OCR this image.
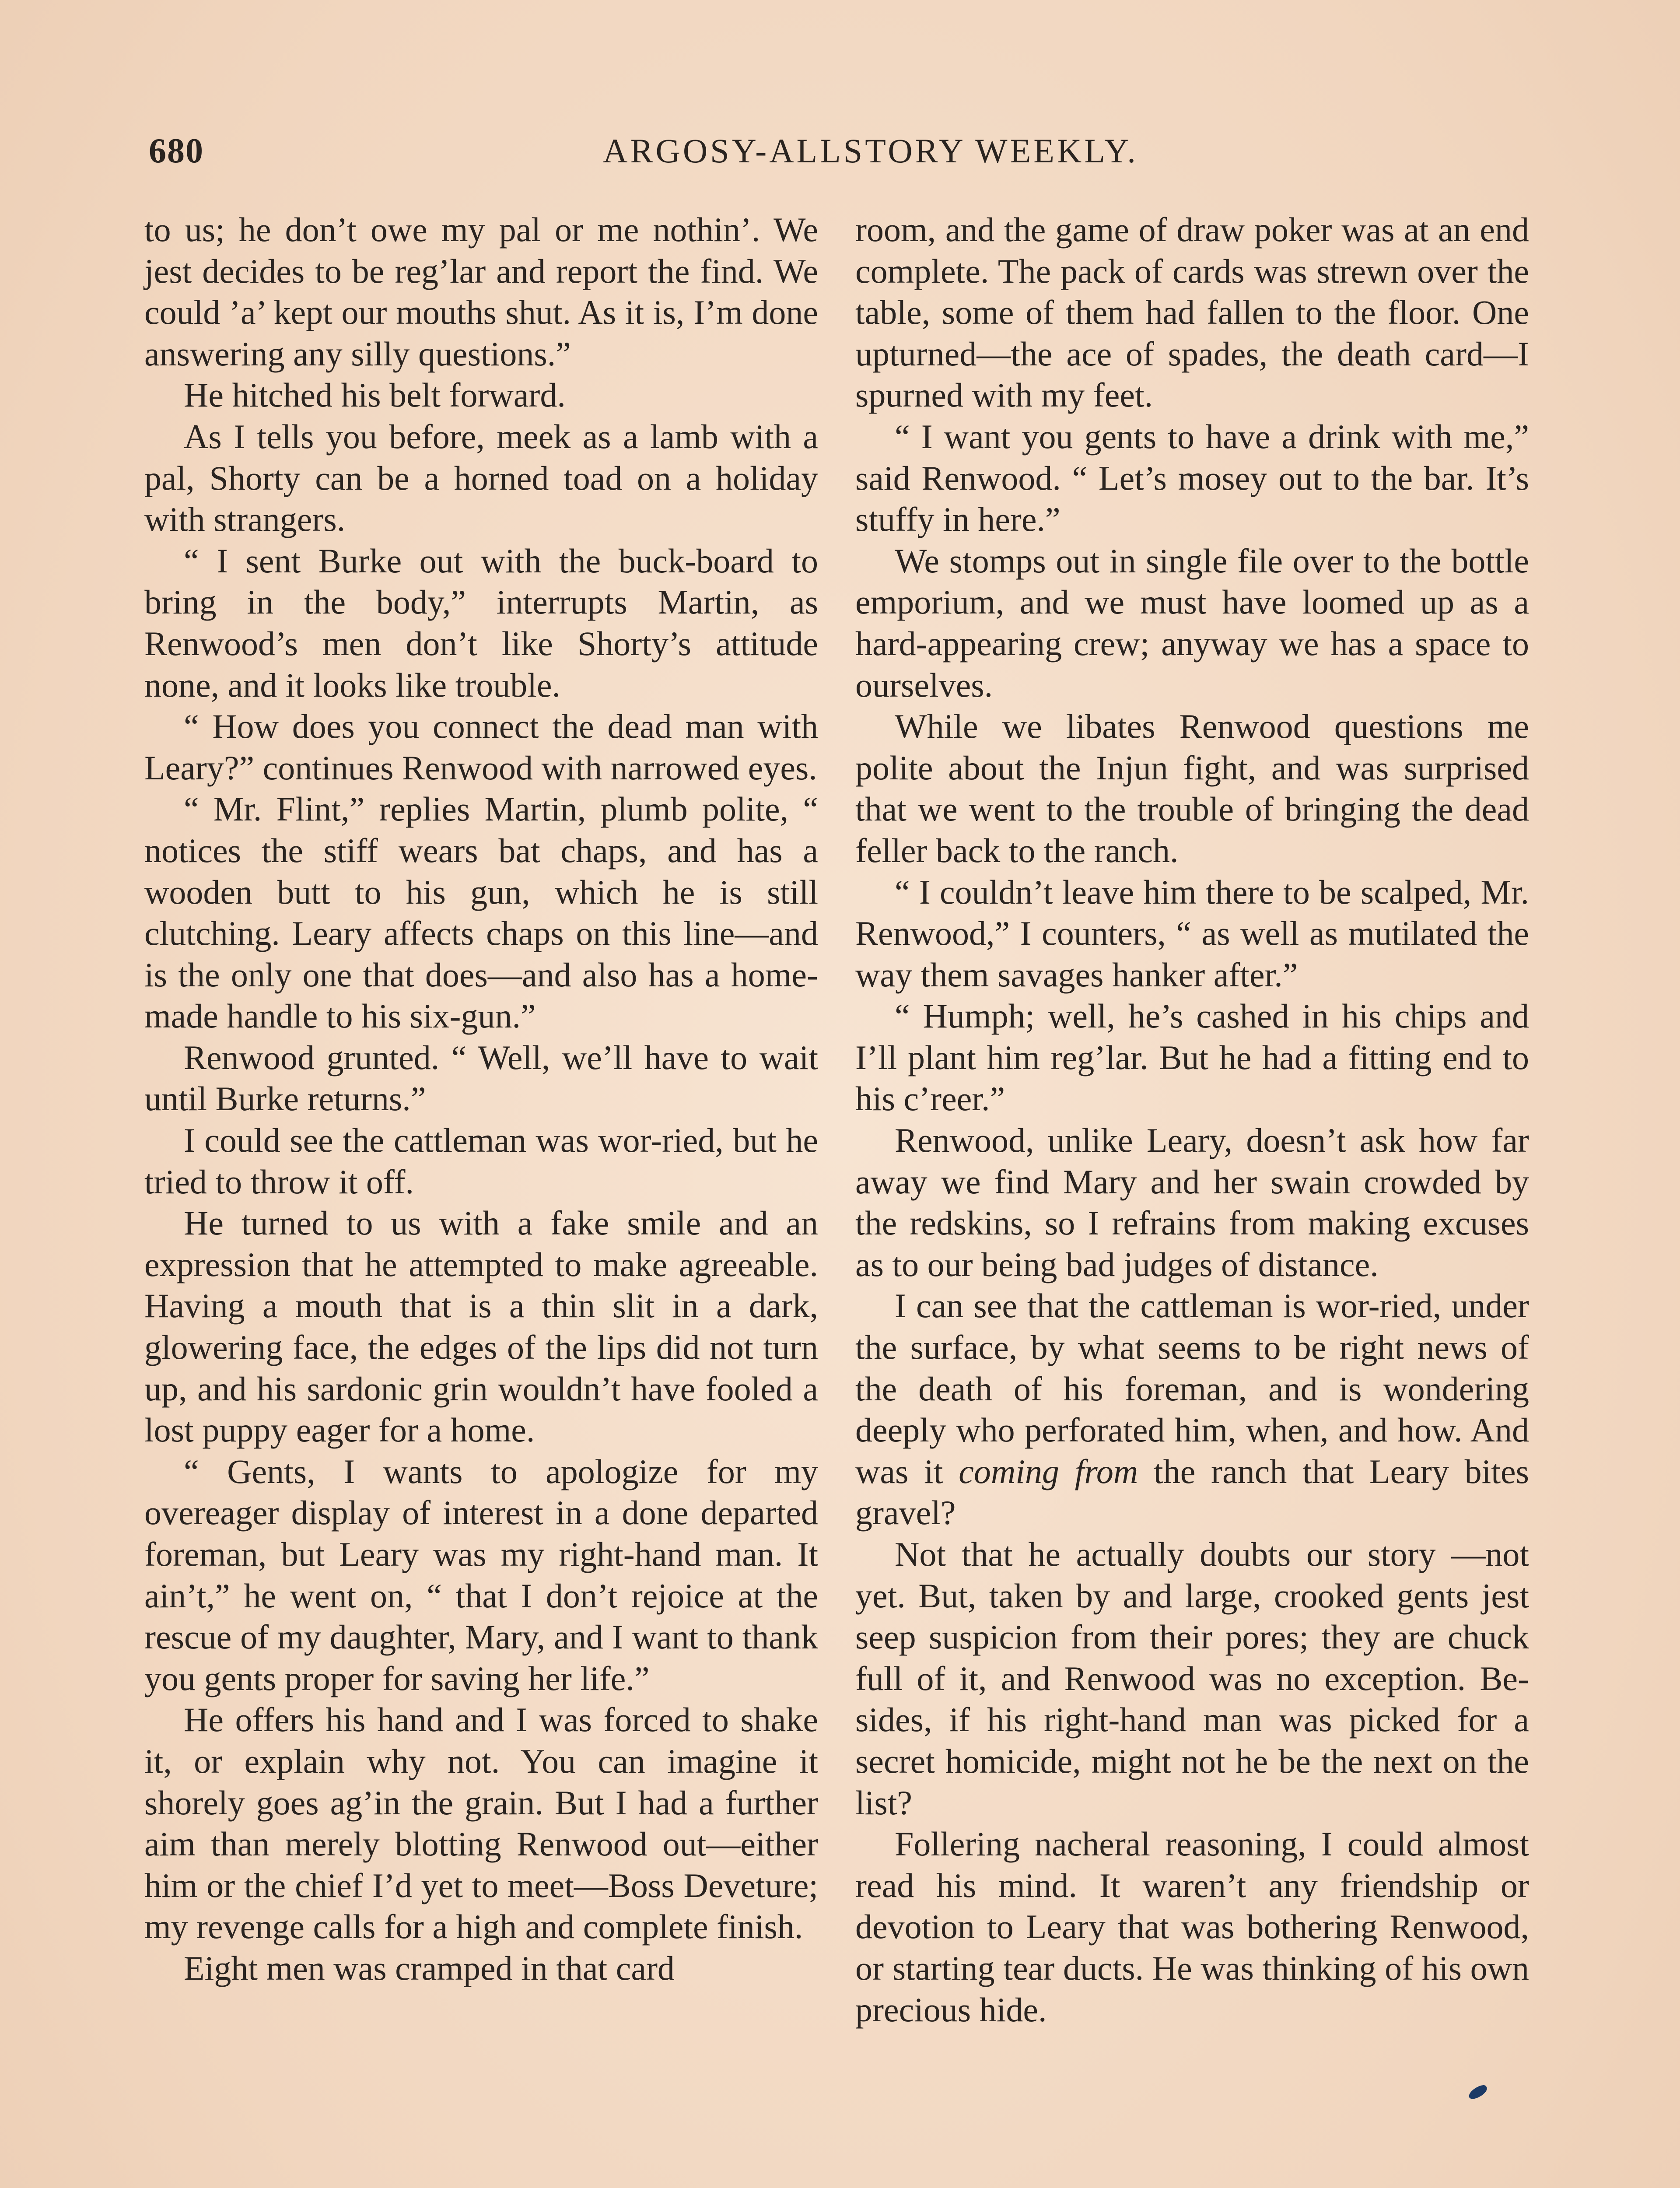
680	ARGOSY-ALLSTORY WEEKLY.

to us; he don’t owe my pal or me nothin’. We jest decides to be reg’lar and report the find. We could ’a’ kept our mouths shut. As it is, I’m done answering any silly questions.”

He hitched his belt forward.

As I tells you before, meek as a lamb with a pal, Shorty can be a horned toad on a holiday with strangers.

“ I sent Burke out with the buck-board to bring in the body,” interrupts Martin, as Renwood’s men don’t like Shorty’s attitude none, and it looks like trouble.

“ How does you connect the dead man with Leary?” continues Renwood with narrowed eyes.

“ Mr. Flint,” replies Martin, plumb polite, “ notices the stiff wears bat chaps, and has a wooden butt to his gun, which he is still clutching. Leary affects chaps on this line—and is the only one that does—and also has a home-made handle to his six-gun.”

Renwood grunted. “ Well, we’ll have to wait until Burke returns.”

I could see the cattleman was wor-ried, but he tried to throw it off.

He turned to us with a fake smile and an expression that he attempted to make agreeable. Having a mouth that is a thin slit in a dark, glowering face, the edges of the lips did not turn up, and his sardonic grin wouldn’t have fooled a lost puppy eager for a home.

“ Gents, I wants to apologize for my overeager display of interest in a done departed foreman, but Leary was my right-hand man. It ain’t,” he went on, “ that I don’t rejoice at the rescue of my daughter, Mary, and I want to thank you gents proper for saving her life.”

He offers his hand and I was forced to shake it, or explain why not. You can imagine it shorely goes ag’in the grain. But I had a further aim than merely blotting Renwood out—either him or the chief I’d yet to meet—Boss Deveture; my revenge calls for a high and complete finish.

Eight men was cramped in that card

room, and the game of draw poker was at an end complete. The pack of cards was strewn over the table, some of them had fallen to the floor. One upturned—the ace of spades, the death card—I spurned with my feet.

“ I want you gents to have a drink with me,” said Renwood. “ Let’s mosey out to the bar. It’s stuffy in here.”

We stomps out in single file over to the bottle emporium, and we must have loomed up as a hard-appearing crew; anyway we has a space to ourselves.

While we libates Renwood questions me polite about the Injun fight, and was surprised that we went to the trouble of bringing the dead feller back to the ranch.

“ I couldn’t leave him there to be scalped, Mr. Renwood,” I counters, “ as well as mutilated the way them savages hanker after.”

“ Humph; well, he’s cashed in his chips and I’ll plant him reg’lar. But he had a fitting end to his c’reer.”

Renwood, unlike Leary, doesn’t ask how far away we find Mary and her swain crowded by the redskins, so I refrains from making excuses as to our being bad judges of distance.

I can see that the cattleman is wor-ried, under the surface, by what seems to be right news of the death of his foreman, and is wondering deeply who perforated him, when, and how. And was it coming from the ranch that Leary bites gravel?

Not that he actually doubts our story —not yet. But, taken by and large, crooked gents jest seep suspicion from their pores; they are chuck full of it, and Renwood was no exception. Be-sides, if his right-hand man was picked for a secret homicide, might not he be the next on the list?

Follering nacheral reasoning, I could almost read his mind. It waren’t any friendship or devotion to Leary that was bothering Renwood, or starting tear ducts. He was thinking of his own precious hide.
